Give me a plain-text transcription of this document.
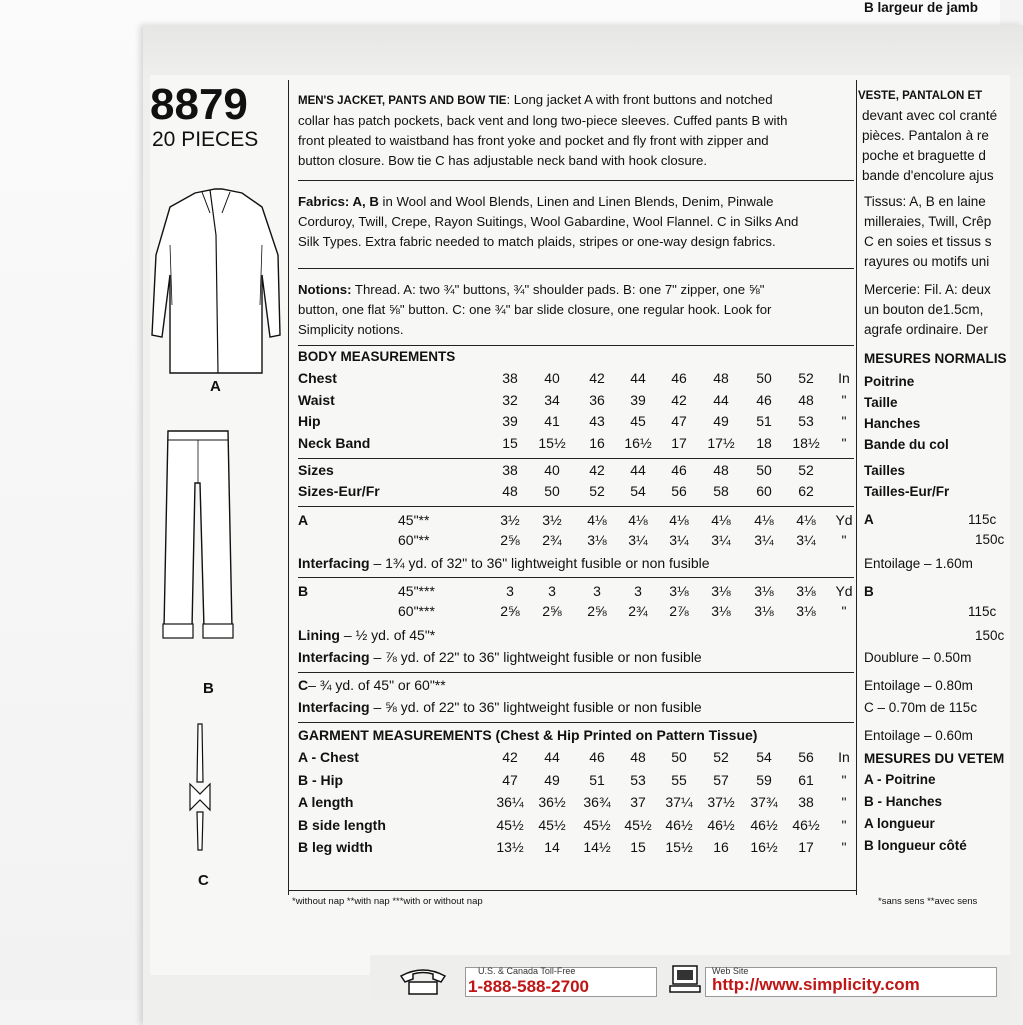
8879
20 PIECES
A
B
C
MEN'S JACKET, PANTS AND BOW TIE: Long jacket A with front buttons and notched
collar has patch pockets, back vent and long two-piece sleeves. Cuffed pants B with
front pleated to waistband has front yoke and pocket and fly front with zipper and
button closure. Bow tie C has adjustable neck band with hook closure.
Fabrics: A, B in Wool and Wool Blends, Linen and Linen Blends, Denim, Pinwale
Corduroy, Twill, Crepe, Rayon Suitings, Wool Gabardine, Wool Flannel. C in Silks And
Silk Types. Extra fabric needed to match plaids, stripes or one-way design fabrics.
Notions: Thread. A: two ¾" buttons, ¾" shoulder pads. B: one 7" zipper, one ⅝"
button, one flat ⅝" button. C: one ¾" bar slide closure, one regular hook. Look for
Simplicity notions.
BODY MEASUREMENTS
Chest	38	40	42	44	46	48	50	52	In
Waist	32	34	36	39	42	44	46	48	"
Hip	39	41	43	45	47	49	51	53	"
Neck Band	15	15½	16	16½	17	17½	18	18½	"
Sizes	38	40	42	44	46	48	50	52
Sizes-Eur/Fr	48	50	52	54	56	58	60	62
A	45"**	3½	3½	4⅛	4⅛	4⅛	4⅛	4⅛	4⅛	Yd
60"**	2⅝	2¾	3⅛	3¼	3¼	3¼	3¼	3¼	"
Interfacing – 1¾ yd. of 32" to 36" lightweight fusible or non fusible
B	45"***	3	3	3	3	3⅛	3⅛	3⅛	3⅛	Yd
60"***	2⅝	2⅝	2⅝	2¾	2⅞	3⅛	3⅛	3⅛	"
Lining – ½ yd. of 45"*
Interfacing – ⅞ yd. of 22" to 36" lightweight fusible or non fusible
C– ¾ yd. of 45" or 60"**
Interfacing – ⅝ yd. of 22" to 36" lightweight fusible or non fusible
GARMENT MEASUREMENTS (Chest & Hip Printed on Pattern Tissue)
A - Chest	42	44	46	48	50	52	54	56	In
B - Hip	47	49	51	53	55	57	59	61	"
A length	36¼	36½	36¾	37	37¼	37½	37¾	38	"
B side length	45½	45½	45½ 45½ 46½	46½	46½	46½	"
B leg width	13½	14	14½	15	15½	16	16½	17	"
*without nap **with nap ***with or without nap	*sans sens **avec sens
VESTE, PANTALON ET
devant avec col cranté
pièces. Pantalon à re
poche et braguette d
bande d'encolure ajus
Tissus: A, B en laine
milleraies, Twill, Crêp
C en soies et tissus s
rayures ou motifs uni
Mercerie: Fil. A: deux
un bouton de1.5cm,
agrafe ordinaire. Der
MESURES NORMALIS
Poitrine
Taille
Hanches
Bande du col
Tailles
Tailles-Eur/Fr
A	115c
150c
Entoilage – 1.60m
B
115c
150c
Doublure – 0.50m
Entoilage – 0.80m
C – 0.70m de 115c
Entoilage – 0.60m
MESURES DU VETEM
A - Poitrine
B - Hanches
A longueur
B longueur côté
B largeur de jamb
U.S. & Canada Toll-Free
1-888-588-2700
Web Site
http://www.simplicity.com
